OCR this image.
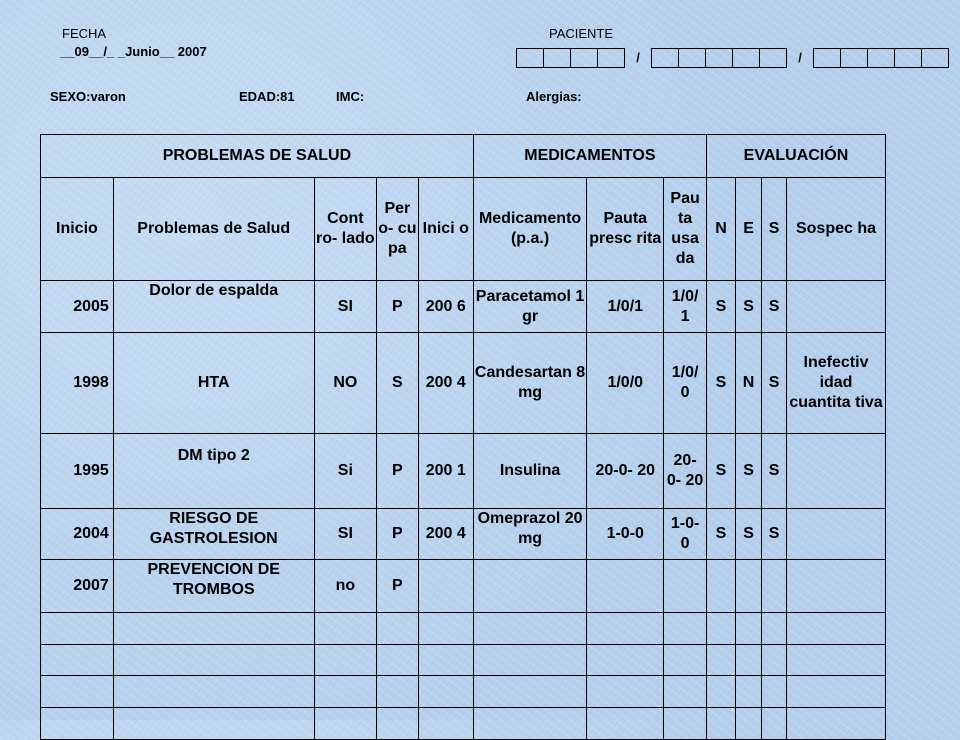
FECHA
__09__/_ _Junio__ 2007
PACIENTE
/	/
SEXO:varon	EDAD:81	IMC:	Alergias:
PROBLEMAS DE SALUD					MEDICAMENTOS			EVALUACIÓN			
Inicio	Problemas de Salud	Cont ro- lado	Per o- cu pa	Inici o	Medicamento (p.a.)	Pauta presc rita	Pau ta usa da	N	E	S	Sospec ha
2005	Dolor de espalda	SI	P	200 6	Paracetamol 1 gr	1/0/1	1/0/ 1	S	S	S	
1998	HTA	NO	S	200 4	Candesartan 8 mg	1/0/0	1/0/ 0	S	N	S	Inefectiv idad cuantita tiva
1995	DM tipo 2	Si	P	200 1	Insulina	20-0- 20	20- 0- 20	S	S	S	
2004	RIESGO DE GASTROLESION	SI	P	200 4	Omeprazol 20 mg	1-0-0	1-0- 0	S	S	S	
2007	PREVENCION DE TROMBOS	no	P								
